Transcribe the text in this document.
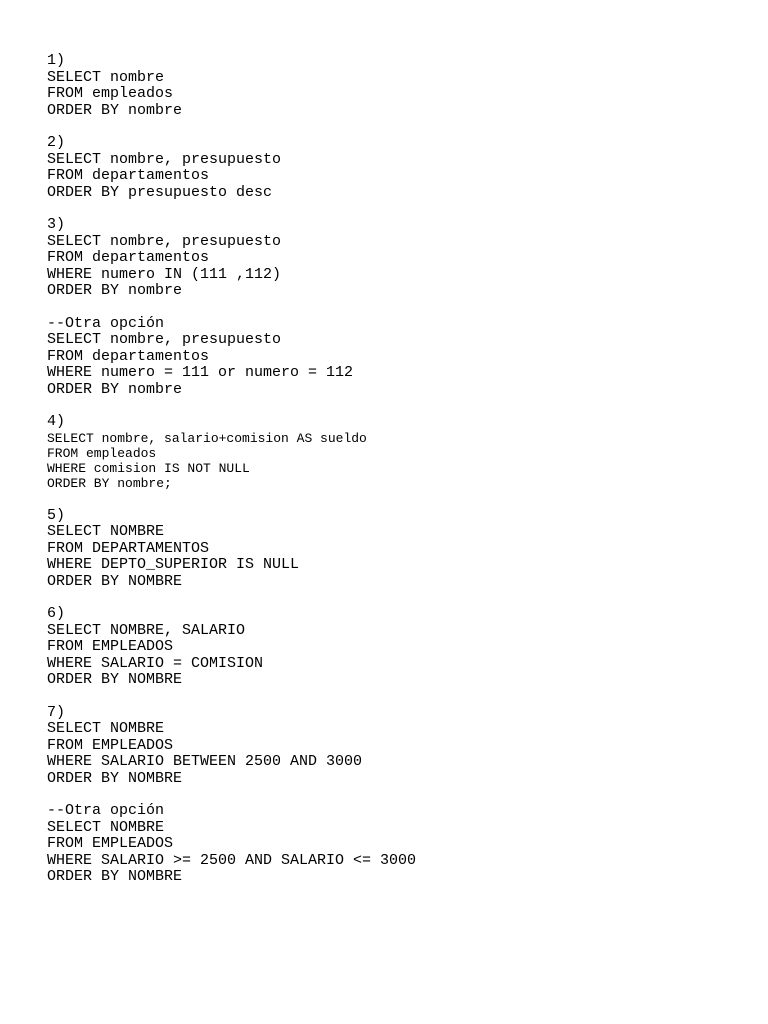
1)
SELECT nombre
FROM empleados
ORDER BY nombre
2)
SELECT nombre, presupuesto
FROM departamentos
ORDER BY presupuesto desc
3)
SELECT nombre, presupuesto
FROM departamentos
WHERE numero IN (111 ,112)
ORDER BY nombre
--Otra opción
SELECT nombre, presupuesto
FROM departamentos
WHERE numero = 111 or numero = 112
ORDER BY nombre
4)
SELECT nombre, salario+comision AS sueldo
FROM empleados
WHERE comision IS NOT NULL
ORDER BY nombre;
5)
SELECT NOMBRE
FROM DEPARTAMENTOS
WHERE DEPTO_SUPERIOR IS NULL
ORDER BY NOMBRE
6)
SELECT NOMBRE, SALARIO
FROM EMPLEADOS
WHERE SALARIO = COMISION
ORDER BY NOMBRE
7)
SELECT NOMBRE
FROM EMPLEADOS
WHERE SALARIO BETWEEN 2500 AND 3000
ORDER BY NOMBRE
--Otra opción
SELECT NOMBRE
FROM EMPLEADOS
WHERE SALARIO >= 2500 AND SALARIO <= 3000
ORDER BY NOMBRE
